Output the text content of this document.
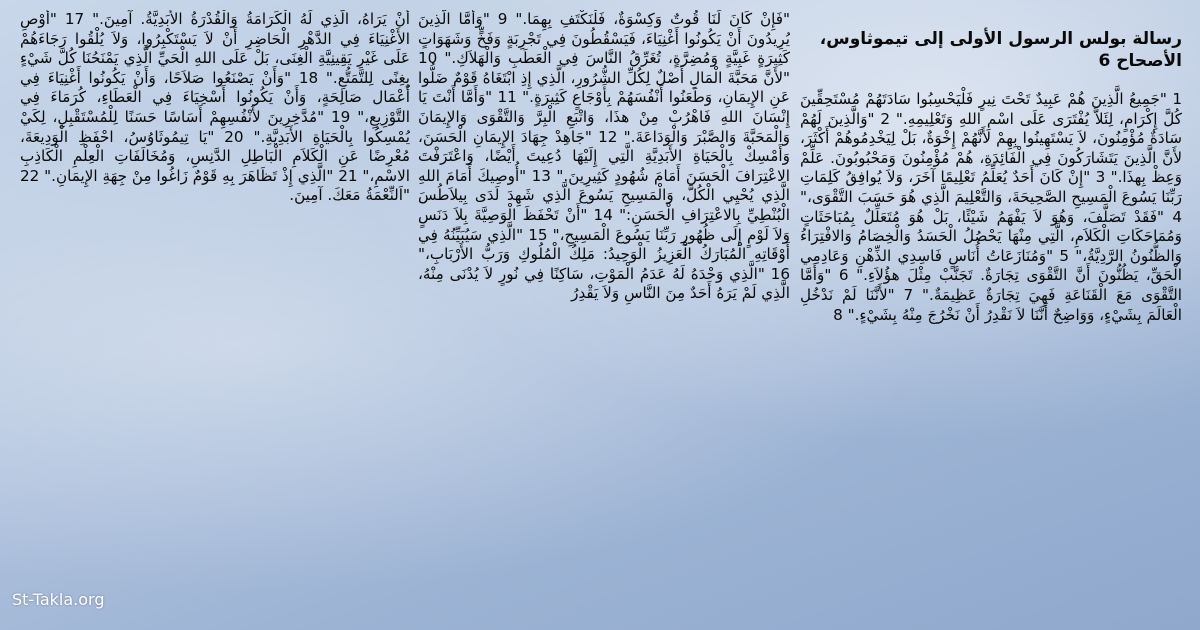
رسالة بولس الرسول الأولى إلى تيموثاوس، الأصحاح 6
1 "جَمِيعُ الَّذِينَ هُمْ عَبِيدٌ تَحْتَ نِيرٍ فَلْيَحْسِبُوا سَادَتَهُمْ مُسْتَحِقِّينَ كُلَّ إِكْرَامٍ، لِئَلاَّ يُفْتَرَى عَلَى اسْمِ اللهِ وَتَعْلِيمِهِ." 2 "وَالَّذِينَ لَهُمْ سَادَةٌ مُؤْمِنُونَ، لاَ يَسْتَهِينُوا بِهِمْ لأَنَّهُمْ إِخْوَةٌ، بَلْ لِيَخْدِمُوهُمْ أَكْثَرَ، لأَنَّ الَّذِينَ يَتَشَارَكُونَ فِي الْفَائِدَةِ، هُمْ مُؤْمِنُونَ وَمَحْبُوبُونَ. عَلِّمْ وَعِظْ بِهذَا." 3 "إِنْ كَانَ أَحَدٌ يُعَلِّمُ تَعْلِيمًا آخَرَ، وَلاَ يُوافِقُ كَلِمَاتِ رَبِّنَا يَسُوعَ الْمَسِيحِ الصَّحِيحَةَ، وَالتَّعْلِيمَ الَّذِي هُوَ حَسَبَ التَّقْوَى،" 4 "فَقَدْ تَصَلَّفَ، وَهُوَ لاَ يَفْهَمُ شَيْئًا، بَلْ هُوَ مُتَعَلِّلٌ بِمُبَاحَثَاتٍ وَمُمَاحَكَاتِ الْكَلاَمِ، الَّتِي مِنْهَا يَحْصُلُ الْحَسَدُ وَالْخِصَامُ وَالافْتِرَاءُ وَالظُّنُونُ الرَّدِيَّةُ،" 5 "وَمُنَازَعَاتُ أُنَاسٍ فَاسِدِي الذِّهْنِ وَعَادِمِي الْحَقِّ، يَظُنُّونَ أَنَّ التَّقْوَى تِجَارَةٌ. تَجَنَّبْ مِثْلَ هؤُلاَءِ." 6 "وَأَمَّا التَّقْوَى مَعَ الْقَنَاعَةِ فَهِيَ تِجَارَةٌ عَظِيمَةٌ." 7 "لأَنَّنَا لَمْ نَدْخُلِ الْعَالَمَ بِشَيْءٍ، وَوَاضِحٌ أَنَّنَا لاَ نَقْدِرُ أَنْ نَخْرُجَ مِنْهُ بِشَيْءٍ." 8
"فَإِنْ كَانَ لَنَا قُوتٌ وَكِسْوَةٌ، فَلْنَكْتَفِ بِهِمَا." 9 "وَأَمَّا الَّذِينَ يُرِيدُونَ أَنْ يَكُونُوا أَغْنِيَاءَ، فَيَسْقُطُونَ فِي تَجْرِبَةٍ وَفَخٍّ وَشَهَوَاتٍ كَثِيرَةٍ غَبِيَّةٍ وَمُضِرَّةٍ، تُغَرِّقُ النَّاسَ فِي الْعَطَبِ وَالْهَلاَكِ." 10 "لأَنَّ مَحَبَّةَ الْمَالِ أَصْلٌ لِكُلِّ الشُّرُورِ، الَّذِي إِذِ ابْتَغَاهُ قَوْمٌ ضَلُّوا عَنِ الإِيمَانِ، وَطَعَنُوا أَنْفُسَهُمْ بِأَوْجَاعٍ كَثِيرَةٍ." 11 "وَأَمَّا أَنْتَ يَا إِنْسَانَ اللهِ فَاهْرُبْ مِنْ هذَا، وَاتْبَعِ الْبِرَّ وَالتَّقْوَى وَالإِيمَانَ وَالْمَحَبَّةَ وَالصَّبْرَ وَالْوَدَاعَةَ." 12 "جَاهِدْ جِهَادَ الإِيمَانِ الْحَسَنَ، وَأَمْسِكْ بِالْحَيَاةِ الأَبَدِيَّةِ الَّتِي إِلَيْهَا دُعِيتَ أَيْضًا، وَاعْتَرَفْتَ الاعْتِرَافَ الْحَسَنَ أَمَامَ شُهُودٍ كَثِيرِينَ." 13 "أُوصِيكَ أَمَامَ اللهِ الَّذِي يُحْيِي الْكُلَّ، وَالْمَسِيحِ يَسُوعَ الَّذِي شَهِدَ لَدَى بِيلاَطُسَ الْبُنْطِيِّ بِالاعْتِرَافِ الْحَسَنِ:" 14 "أَنْ تَحْفَظَ الْوَصِيَّةَ بِلاَ دَنَسٍ وَلاَ لَوْمٍ إِلَى ظُهُورِ رَبِّنَا يَسُوعَ الْمَسِيحِ،" 15 "الَّذِي سَيُبَيِّنُهُ فِي أَوْقَاتِهِ الْمُبَارَكُ الْعَزِيزُ الْوَحِيدُ: مَلِكُ الْمُلُوكِ وَرَبُّ الأَرْبَابِ،" 16 "الَّذِي وَحْدَهُ لَهُ عَدَمُ الْمَوْتِ، سَاكِنًا فِي نُورٍ لاَ يُدْنَى مِنْهُ، الَّذِي لَمْ يَرَهُ أَحَدٌ مِنَ النَّاسِ وَلاَ يَقْدِرُ
أَنْ يَرَاهُ، الَّذِي لَهُ الْكَرَامَةُ وَالْقُدْرَةُ الأَبَدِيَّةُ. آمِينَ." 17 "أَوْصِ الأَغْنِيَاءَ فِي الدَّهْرِ الْحَاضِرِ أَنْ لاَ يَسْتَكْبِرُوا، وَلاَ يُلْقُوا رَجَاءَهُمْ عَلَى غَيْرِ يَقِينِيَّةِ الْغِنَى، بَلْ عَلَى اللهِ الْحَيِّ الَّذِي يَمْنَحُنَا كُلَّ شَيْءٍ بِغِنًى لِلتَّمَتُّعِ." 18 "وَأَنْ يَصْنَعُوا صَلاَحًا، وَأَنْ يَكُونُوا أَغْنِيَاءَ فِي أَعْمَال صَالِحَةٍ، وَأَنْ يَكُونُوا أَسْخِيَاءَ فِي الْعَطَاءِ، كُرَمَاءَ فِي التَّوْزِيعِ،" 19 "مُدَّخِرِينَ لأَنْفُسِهِمْ أَسَاسًا حَسَنًا لِلْمُسْتَقْبِلِ، لِكَيْ يُمْسِكُوا بِالْحَيَاةِ الأَبَدِيَّةِ." 20 "يَا تِيمُوثَاوُسُ، احْفَظِ الْوَدِيعَةَ، مُعْرِضًا عَنِ الْكَلاَمِ الْبَاطِلِ الدَّنِسِ، وَمُخَالَفَاتِ الْعِلْمِ الْكَاذِبِ الاسْمِ،" 21 "الَّذِي إِذْ تَظَاهَرَ بِهِ قَوْمٌ زَاغُوا مِنْ جِهَةِ الإِيمَانِ." 22 "اَلنِّعْمَةُ مَعَكَ. آمِينَ.
St-Takla.org
